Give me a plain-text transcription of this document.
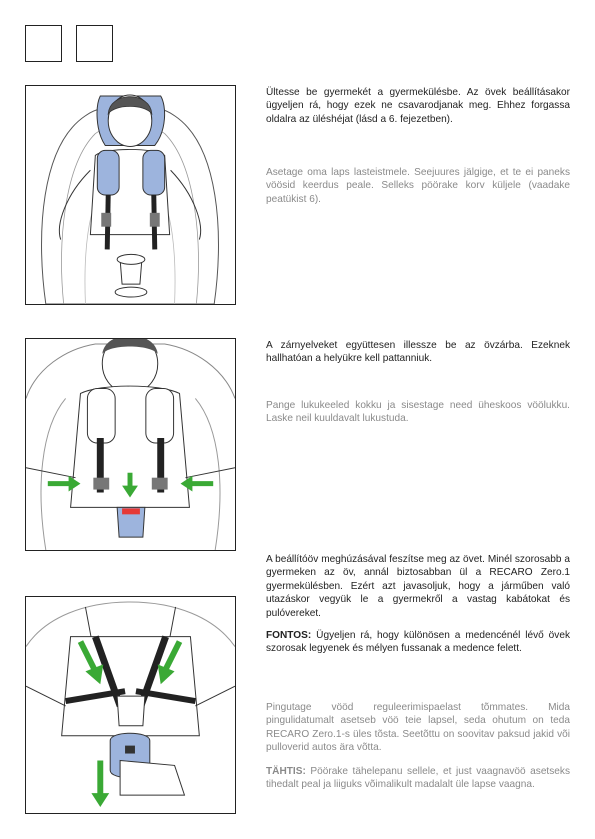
Ültesse be gyermekét a gyermekülésbe. Az övek beállításakor ügyeljen rá, hogy ezek ne csavarodjanak meg. Ehhez forgassa oldalra az üléshéjat (lásd a 6. fejezetben).

Asetage oma laps lasteistmele. Seejuures jälgige, et te ei paneks vöösid keerdus peale. Selleks pöörake korv küljele (vaadake peatükist 6).

A zárnyelveket együttesen illessze be az övzárba. Ezeknek hallhatóan a helyükre kell pattanniuk.

Pange lukukeeled kokku ja sisestage need üheskoos vöölukku. Laske neil kuuldavalt lukustuda.

A beállítóöv meghúzásával feszítse meg az övet. Minél szorosabb a gyermeken az öv, annál biztosabban ül a RECARO Zero.1 gyermekülésben. Ezért azt javasoljuk, hogy a járműben való utazáskor vegyük le a gyermekről a vastag kabátokat és pulóvereket.

FONTOS: Ügyeljen rá, hogy különösen a medencénél lévő övek szorosak legyenek és mélyen fussanak a medence felett.

Pingutage vööd reguleerimispaelast tõmmates. Mida pingulidatumalt asetseb vöö teie lapsel, seda ohutum on teda RECARO Zero.1-s üles tõsta. Seetõttu on soovitav paksud jakid või pulloverid autos ära võtta.

TÄHTIS: Pöörake tähelepanu sellele, et just vaagnavöö asetseks tihedalt peal ja liiguks võimalikult madalalt üle lapse vaagna.
